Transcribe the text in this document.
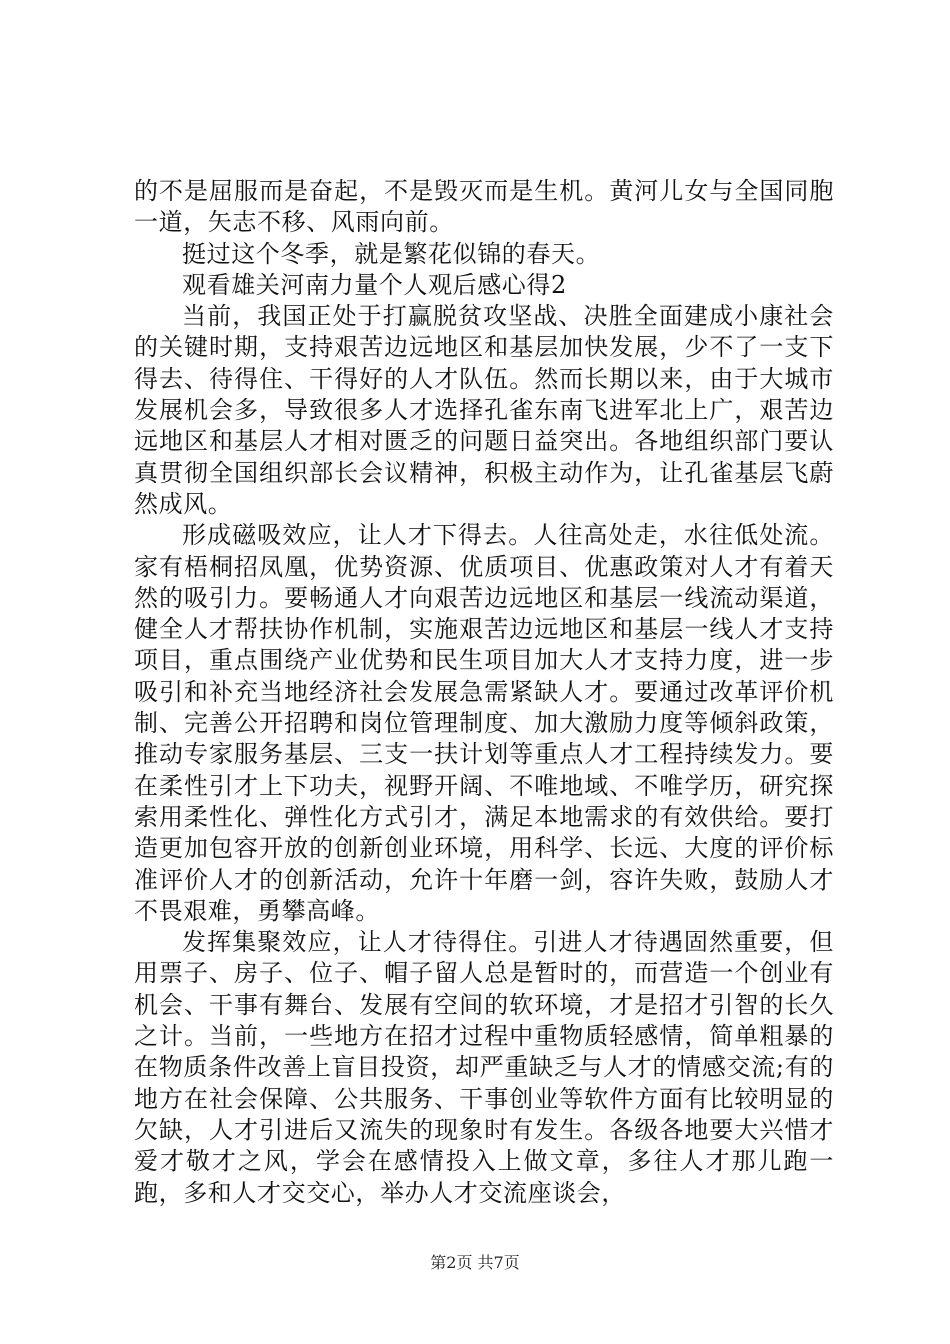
的不是屈服而是奋起，不是毁灭而是生机。黄河儿女与全国同胞一道，矢志不移、风雨向前。

挺过这个冬季，就是繁花似锦的春天。

观看雄关河南力量个人观后感心得2

当前，我国正处于打赢脱贫攻坚战、决胜全面建成小康社会的关键时期，支持艰苦边远地区和基层加快发展，少不了一支下得去、待得住、干得好的人才队伍。然而长期以来，由于大城市发展机会多，导致很多人才选择孔雀东南飞进军北上广，艰苦边远地区和基层人才相对匮乏的问题日益突出。各地组织部门要认真贯彻全国组织部长会议精神，积极主动作为，让孔雀基层飞蔚然成风。

形成磁吸效应，让人才下得去。人往高处走，水往低处流。家有梧桐招凤凰，优势资源、优质项目、优惠政策对人才有着天然的吸引力。要畅通人才向艰苦边远地区和基层一线流动渠道，健全人才帮扶协作机制，实施艰苦边远地区和基层一线人才支持项目，重点围绕产业优势和民生项目加大人才支持力度，进一步吸引和补充当地经济社会发展急需紧缺人才。要通过改革评价机制、完善公开招聘和岗位管理制度、加大激励力度等倾斜政策，推动专家服务基层、三支一扶计划等重点人才工程持续发力。要在柔性引才上下功夫，视野开阔、不唯地域、不唯学历，研究探索用柔性化、弹性化方式引才，满足本地需求的有效供给。要打造更加包容开放的创新创业环境，用科学、长远、大度的评价标准评价人才的创新活动，允许十年磨一剑，容许失败，鼓励人才不畏艰难，勇攀高峰。

发挥集聚效应，让人才待得住。引进人才待遇固然重要，但用票子、房子、位子、帽子留人总是暂时的，而营造一个创业有机会、干事有舞台、发展有空间的软环境，才是招才引智的长久之计。当前，一些地方在招才过程中重物质轻感情，简单粗暴的在物质条件改善上盲目投资，却严重缺乏与人才的情感交流;有的地方在社会保障、公共服务、干事创业等软件方面有比较明显的欠缺，人才引进后又流失的现象时有发生。各级各地要大兴惜才爱才敬才之风，学会在感情投入上做文章，多往人才那儿跑一跑，多和人才交交心，举办人才交流座谈会，

第2页 共7页
